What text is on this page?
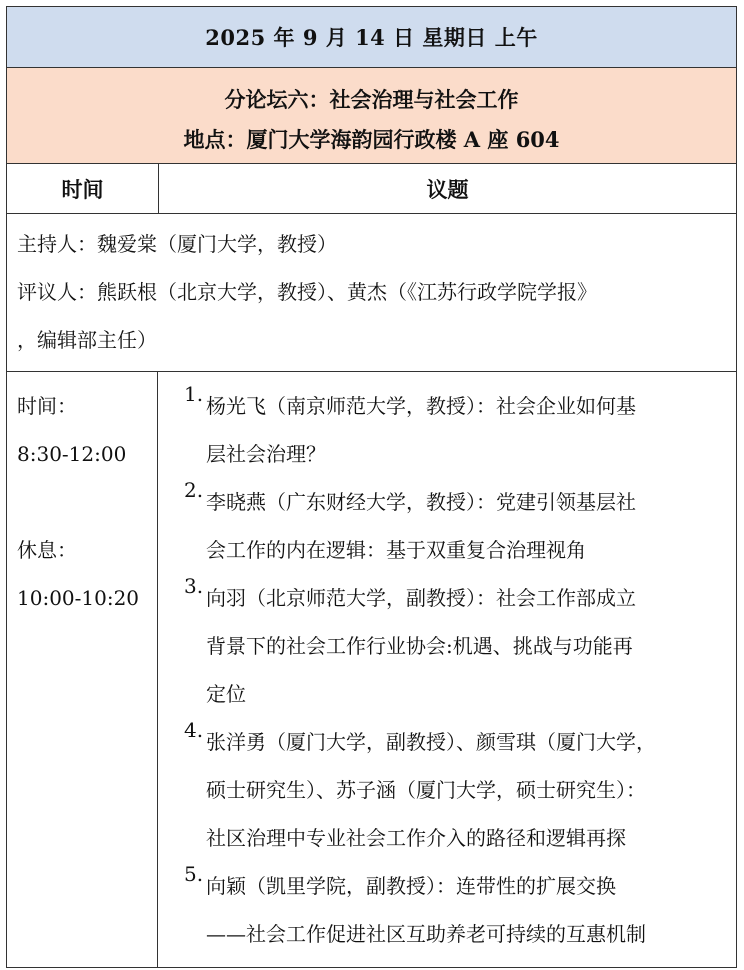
2025 年 9 月 14 日 星期日 上午
分论坛六：社会治理与社会工作
地点：厦门大学海韵园行政楼 A 座 604
时间	议题
主持人：魏爱棠（厦门大学，教授）
评议人：熊跃根（北京大学，教授）、黄杰（《江苏行政学院学报》
，编辑部主任）
时间：
8:30-12:00
休息：
10:00-10:20
1. 杨光飞（南京师范大学，教授）：社会企业如何基
层社会治理？
2. 李晓燕（广东财经大学，教授）：党建引领基层社
会工作的内在逻辑：基于双重复合治理视角
3. 向羽（北京师范大学，副教授）：社会工作部成立
背景下的社会工作行业协会:机遇、挑战与功能再
定位
4. 张洋勇（厦门大学，副教授）、颜雪琪（厦门大学，
硕士研究生）、苏子涵（厦门大学，硕士研究生）：
社区治理中专业社会工作介入的路径和逻辑再探
5. 向颖（凯里学院，副教授）：连带性的扩展交换
——社会工作促进社区互助养老可持续的互惠机制
